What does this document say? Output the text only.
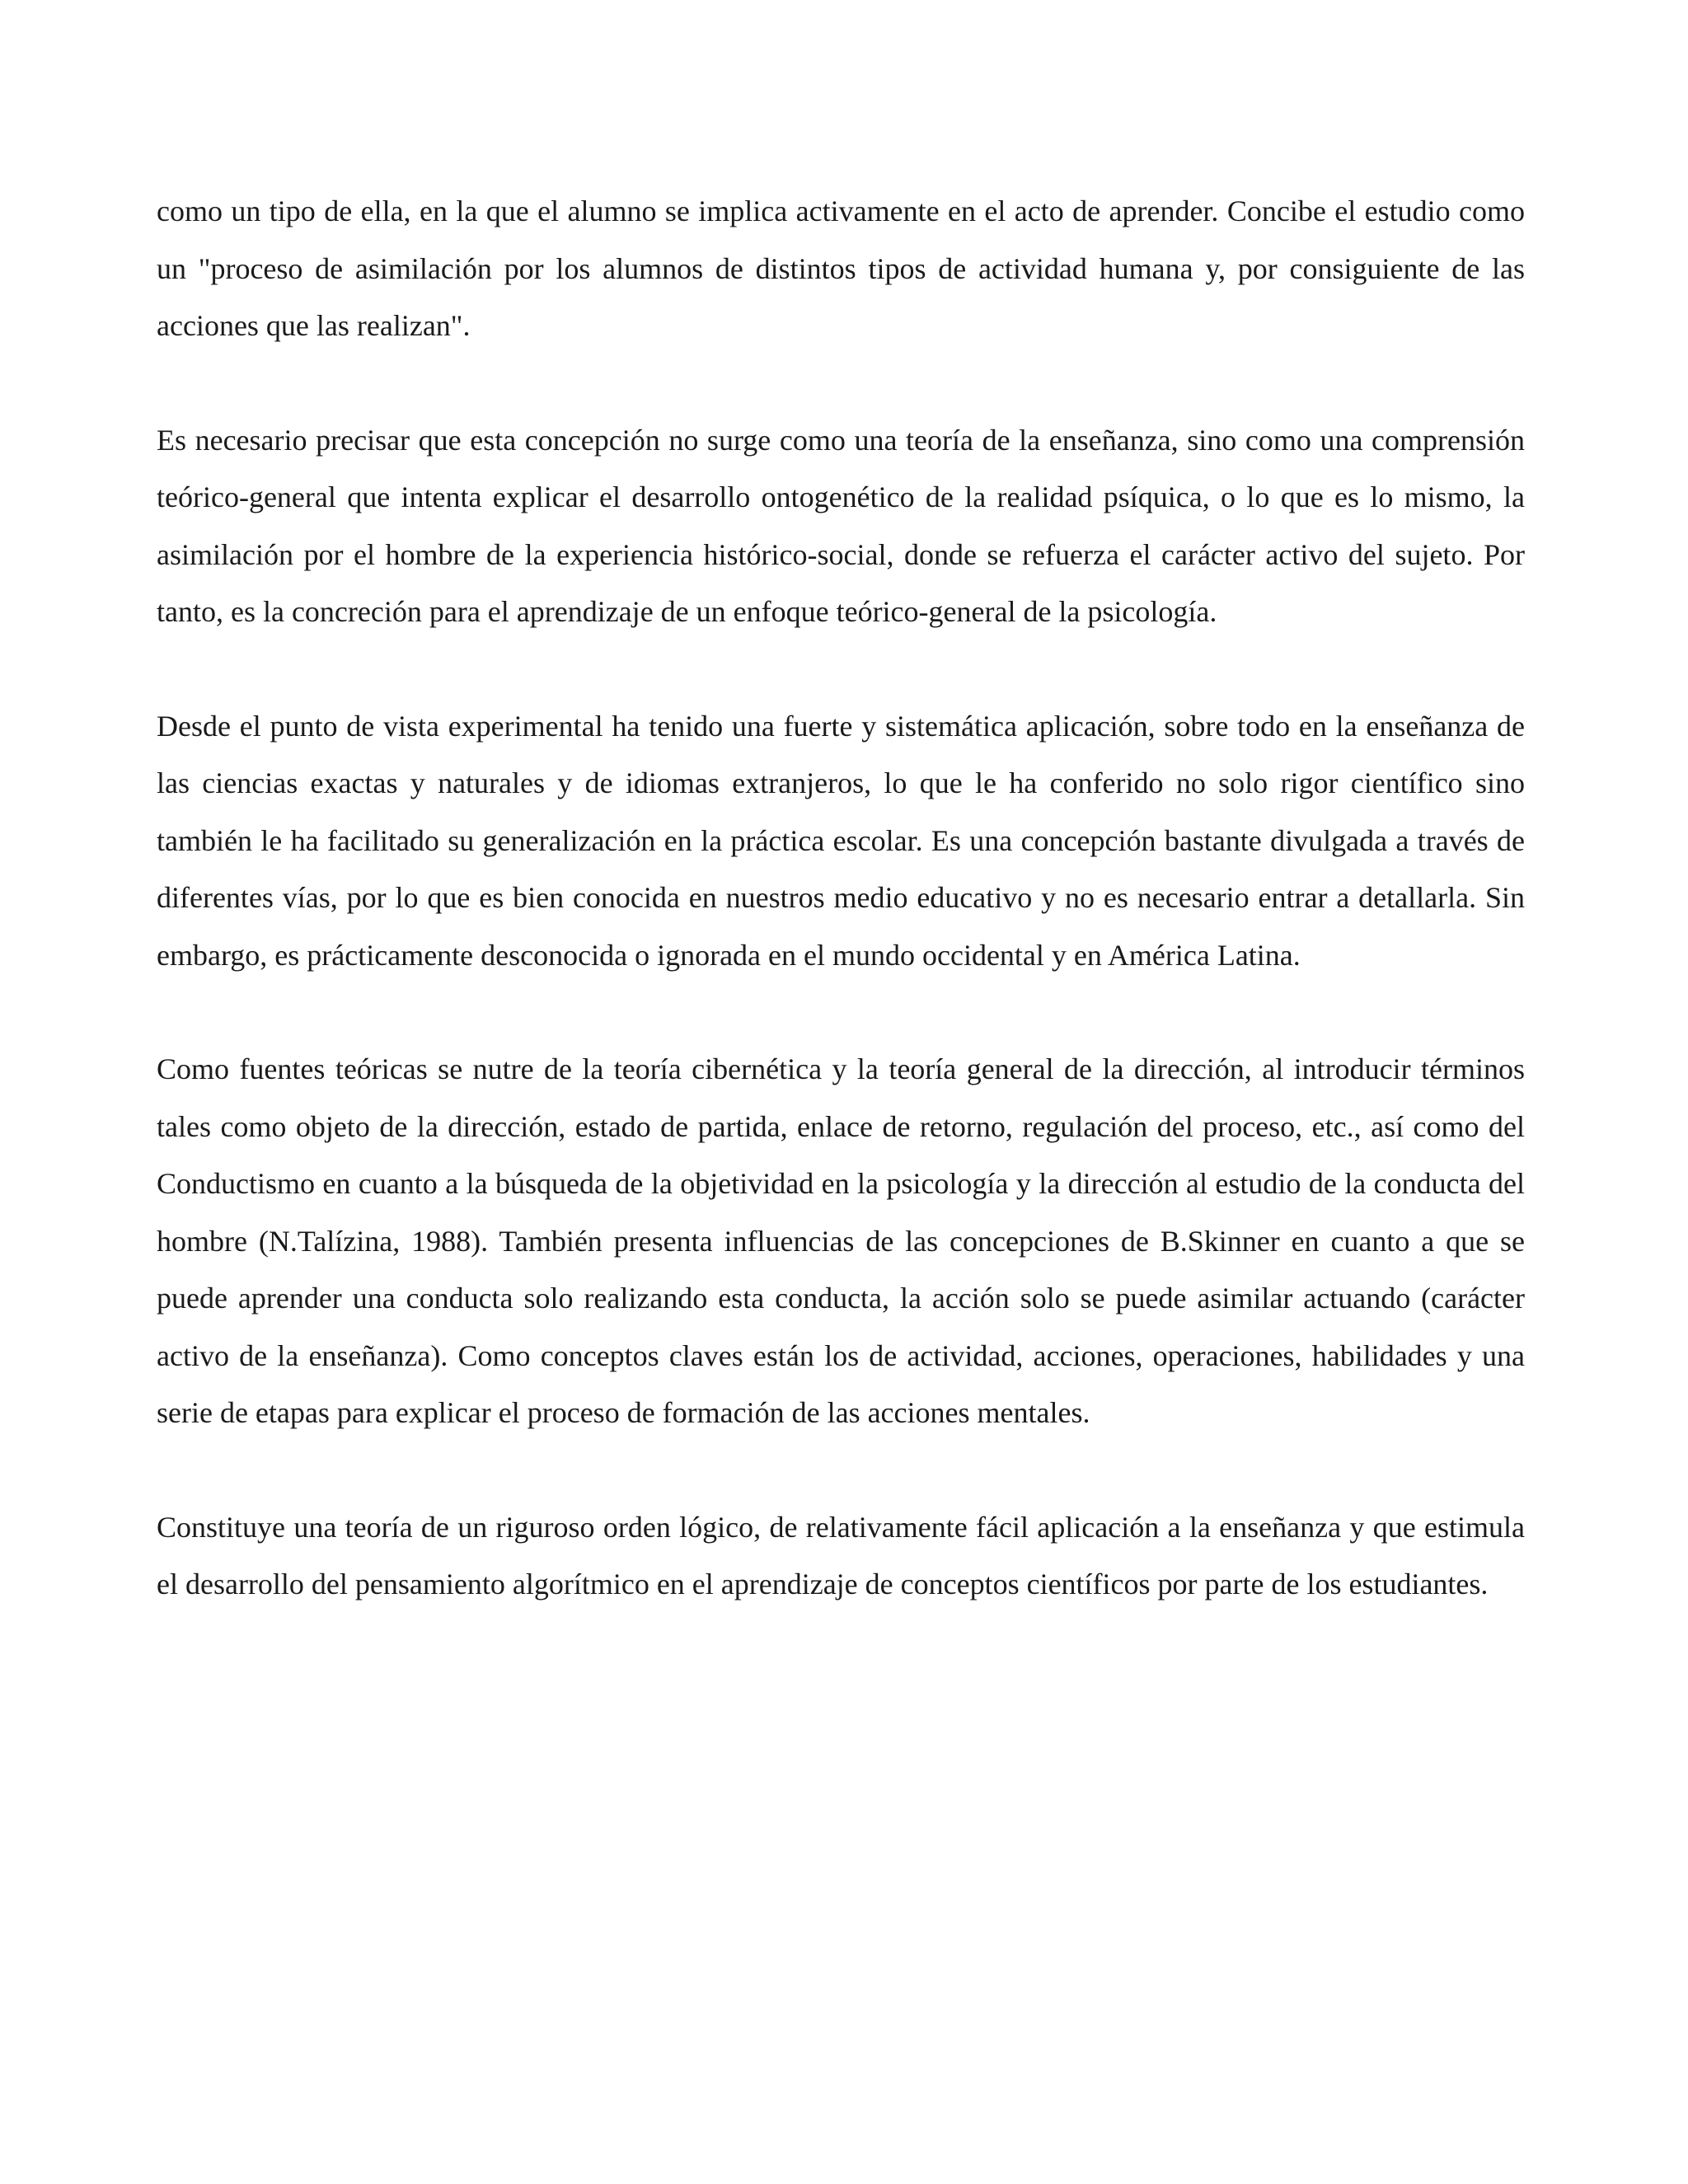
como un tipo de ella, en la que el alumno se implica activamente en el acto de aprender. Concibe el estudio como un "proceso de asimilación por los alumnos de distintos tipos de actividad humana y, por consiguiente de las acciones que las realizan".

Es necesario precisar que esta concepción no surge como una teoría de la enseñanza, sino como una comprensión teórico-general que intenta explicar el desarrollo ontogenético de la realidad psíquica, o lo que es lo mismo, la asimilación por el hombre de la experiencia histórico-social, donde se refuerza el carácter activo del sujeto. Por tanto, es la concreción para el aprendizaje de un enfoque teórico-general de la psicología.

Desde el punto de vista experimental ha tenido una fuerte y sistemática aplicación, sobre todo en la enseñanza de las ciencias exactas y naturales y de idiomas extranjeros, lo que le ha conferido no solo rigor científico sino también le ha facilitado su generalización en la práctica escolar. Es una concepción bastante divulgada a través de diferentes vías, por lo que es bien conocida en nuestros medio educativo y no es necesario entrar a detallarla. Sin embargo, es prácticamente desconocida o ignorada en el mundo occidental y en América Latina.

Como fuentes teóricas se nutre de la teoría cibernética y la teoría general de la dirección, al introducir términos tales como objeto de la dirección, estado de partida, enlace de retorno, regulación del proceso, etc., así como del Conductismo en cuanto a la búsqueda de la objetividad en la psicología y la dirección al estudio de la conducta del hombre (N.Talízina, 1988). También presenta influencias de las concepciones de B.Skinner en cuanto a que se puede aprender una conducta solo realizando esta conducta, la acción solo se puede asimilar actuando (carácter activo de la enseñanza). Como conceptos claves están los de actividad, acciones, operaciones, habilidades y una serie de etapas para explicar el proceso de formación de las acciones mentales.

Constituye una teoría de un riguroso orden lógico, de relativamente fácil aplicación a la enseñanza y que estimula el desarrollo del pensamiento algorítmico en el aprendizaje de conceptos científicos por parte de los estudiantes.
